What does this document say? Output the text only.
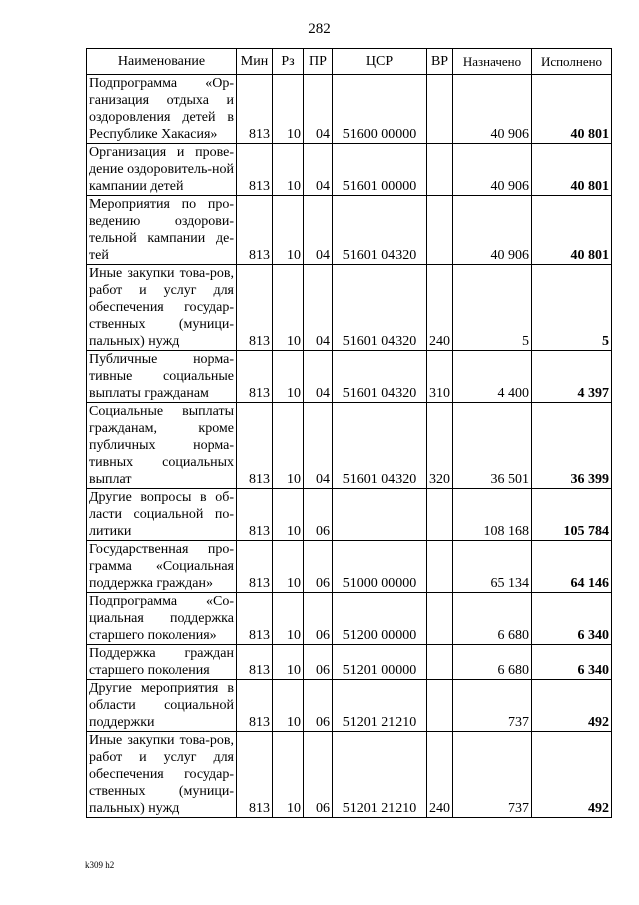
282
Наименование	Мин	Рз	ПР	ЦСР	ВР	Назначено	Исполнено
Подпрограмма «Ор-ганизация отдыха и оздоровления детей в Республике Хакасия»	813	10	04	51600 00000		40 906	40 801
Организация и прове-дение оздоровитель-ной кампании детей	813	10	04	51601 00000		40 906	40 801
Мероприятия по про-ведению оздорови-тельной кампании де-тей	813	10	04	51601 04320		40 906	40 801
Иные закупки това-ров, работ и услуг для обеспечения государ-ственных (муници-пальных) нужд	813	10	04	51601 04320	240	5	5
Публичные норма-тивные социальные выплаты гражданам	813	10	04	51601 04320	310	4 400	4 397
Социальные выплаты гражданам, кроме публичных норма-тивных социальных выплат	813	10	04	51601 04320	320	36 501	36 399
Другие вопросы в об-ласти социальной по-литики	813	10	06			108 168	105 784
Государственная про-грамма «Социальная поддержка граждан»	813	10	06	51000 00000		65 134	64 146
Подпрограмма «Со-циальная поддержка старшего поколения»	813	10	06	51200 00000		6 680	6 340
Поддержка граждан старшего поколения	813	10	06	51201 00000		6 680	6 340
Другие мероприятия в области социальной поддержки	813	10	06	51201 21210		737	492
Иные закупки това-ров, работ и услуг для обеспечения государ-ственных (муници-пальных) нужд	813	10	06	51201 21210	240	737	492
k309 h2
